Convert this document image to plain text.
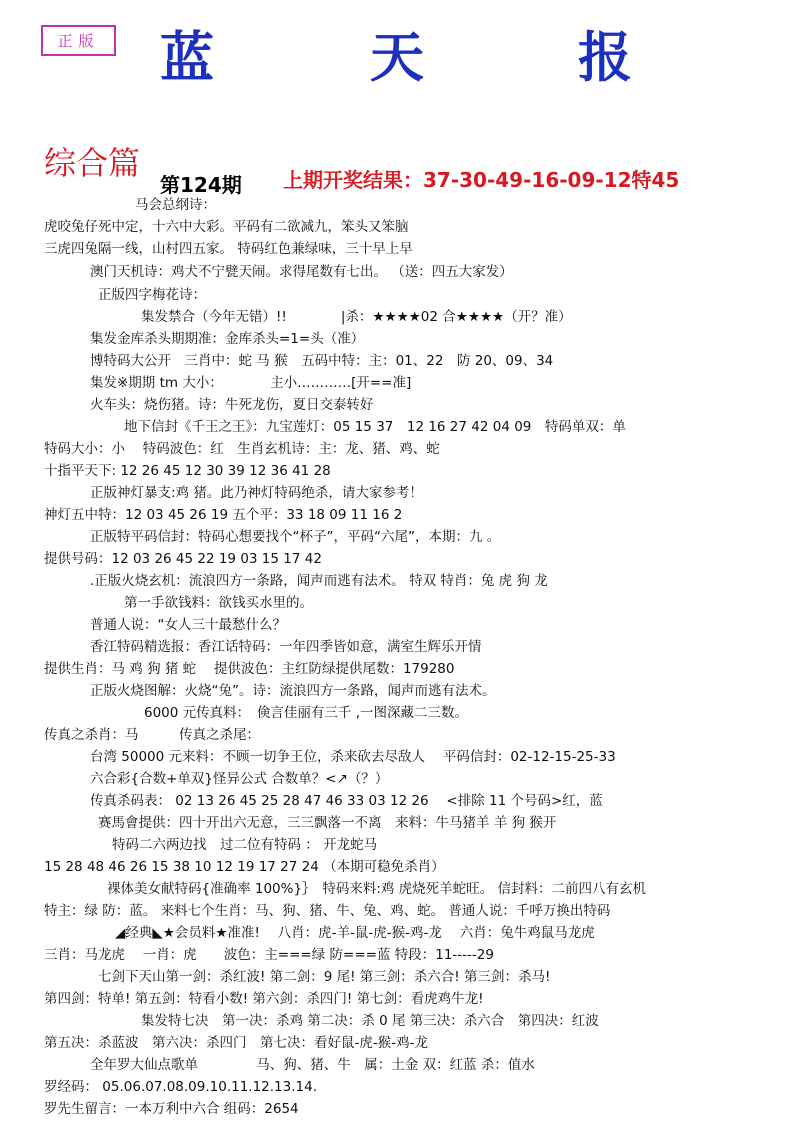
正版	蓝	天	报
综合篇
第124期 上期开奖结果：37-30-49-16-09-12特45
马会总纲诗：
虎咬兔仔死中定，十六中大彩。平码有二欲减九，笨头又笨脑
三虎四兔隔一线，山村四五家。 特码红色兼绿味，三十早上早
澳门天机诗：鸡犬不宁甓天闹。求得尾数有七出。 （送：四五大家发）
正版四字梅花诗：
集发禁合（今年无错）!!　　　　|杀：★★★★02 合★★★★（开？准）
集发金库杀头期期准：金库杀头=1=头（准）
博特码大公开　三肖中：蛇 马 猴　五码中特：主：01、22　防 20、09、34
集发※期期 tm 大小：　　　　主小…………[开==准]
火车头：烧伤猪。诗：牛死龙伤，夏日交泰转好
地下信封《千王之王》：九宝莲灯：05 15 37　12 16 27 42 04 09　特码单双：单
特码大小：小　 特码波色：红　生肖玄机诗：主：龙、猪、鸡、蛇
十指平天下: 12 26 45 12 30 39 12 36 41 28
正版神灯暴支:鸡 猪。此乃神灯特码绝杀，请大家参考！
神灯五中特：12 03 45 26 19 五个平：33 18 09 11 16 2
正版特平码信封：特码心想要找个“杯子”，平码“六尾”，本期：九 。
提供号码：12 03 26 45 22 19 03 15 17 42
.正版火烧玄机：流浪四方一条路，闻声而逃有法术。 特双 特肖：兔 虎 狗 龙
第一手欲钱料：欲钱买水里的。
普通人说：“女人三十最愁什么？
香江特码精选报：香江话特码：一年四季皆如意，满室生辉乐开情
提供生肖：马 鸡 狗 猪 蛇　 提供波色：主红防绿提供尾数：179280
正版火烧图解：火烧“兔”。诗：流浪四方一条路，闻声而逃有法术。
6000 元传真料：　倹言佳丽有三千 ,一图深藏二三数。
传真之杀肖：马　　　传真之杀尾：
台湾 50000 元来料：不顾一切争王位，杀来砍去尽敌人　 平码信封：02-12-15-25-33
六合彩{合数+单双}怪异公式 合数单？<↗（？）
传真杀码表： 02 13 26 45 25 28 47 46 33 03 12 26　 <排除 11 个号码>红，蓝
赛馬會提供：四十开出六无意，三三飘落一不离　来料：牛马猪羊 羊 狗 猴开
特码二六两边找　过二位有特码 ： 开龙蛇马
15 28 48 46 26 15 38 10 12 19 17 27 24 （本期可稳免杀肖）
裸体美女献特码{准确率 100%}｝　特码来料:鸡 虎烧死羊蛇旺。 信封料：二前四八有玄机
特主：绿 防：蓝。 来料七个生肖：马、狗、猪、牛、兔、鸡、蛇。 普通人说：千呼万换出特码
◢经典◣★会员料★准准!　 八肖：虎-羊-鼠-虎-猴-鸡-龙　 六肖：兔牛鸡鼠马龙虎
三肖：马龙虎　 一肖：虎　　波色：主===绿 防===蓝 特段：11-----29
七剑下天山第一剑：杀红波! 第二剑：9 尾! 第三剑：杀六合! 第三剑：杀马!
第四剑：特单! 第五剑：特看小数! 第六剑：杀四门! 第七剑：看虎鸡牛龙!
集发特七决　第一决：杀鸡 第二决：杀 0 尾 第三决：杀六合　第四决：红波
第五决：杀蓝波　第六决：杀四门　第七决：看好鼠-虎-猴-鸡-龙
全年罗大仙点歌单　　　　 马、狗、猪、牛　属：土金 双：红蓝 杀：值水
罗经码： 05.06.07.08.09.10.11.12.13.14.
罗先生留言：一本万利中六合 组码：2654
